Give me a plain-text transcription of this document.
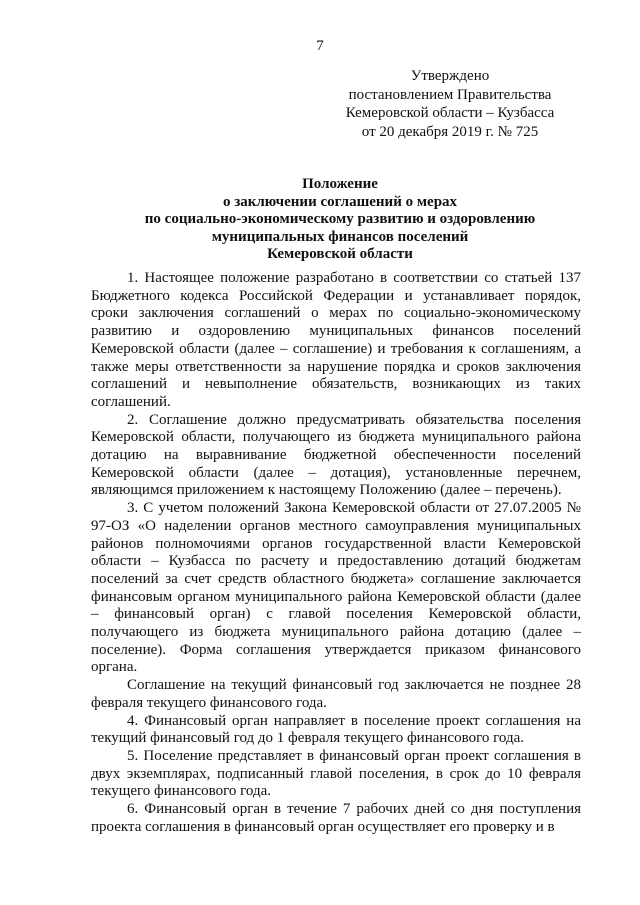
7
Утверждено
постановлением Правительства
Кемеровской области – Кузбасса
от 20 декабря 2019 г. № 725
Положение
о заключении соглашений о мерах
по социально-экономическому развитию и оздоровлению
муниципальных финансов поселений
Кемеровской области

1. Настоящее положение разработано в соответствии со статьей 137 Бюджетного кодекса Российской Федерации и устанавливает порядок, сроки заключения соглашений о мерах по социально-экономическому развитию и оздоровлению муниципальных финансов поселений Кемеровской области (далее – соглашение) и требования к соглашениям, а также меры ответственности за нарушение порядка и сроков заключения соглашений и невыполнение обязательств, возникающих из таких соглашений.

2. Соглашение должно предусматривать обязательства поселения Кемеровской области, получающего из бюджета муниципального района дотацию на выравнивание бюджетной обеспеченности поселений Кемеровской области (далее – дотация), установленные перечнем, являющимся приложением к настоящему Положению (далее – перечень).

3. С учетом положений Закона Кемеровской области от 27.07.2005 № 97-ОЗ «О наделении органов местного самоуправления муниципальных районов полномочиями органов государственной власти Кемеровской области – Кузбасса по расчету и предоставлению дотаций бюджетам поселений за счет средств областного бюджета» соглашение заключается финансовым органом муниципального района Кемеровской области (далее – финансовый орган) с главой поселения Кемеровской области, получающего из бюджета муниципального района дотацию (далее – поселение). Форма соглашения утверждается приказом финансового органа.

Соглашение на текущий финансовый год заключается не позднее 28 февраля текущего финансового года.

4. Финансовый орган направляет в поселение проект соглашения на текущий финансовый год до 1 февраля текущего финансового года.

5. Поселение представляет в финансовый орган проект соглашения в двух экземплярах, подписанный главой поселения, в срок до 10 февраля текущего финансового года.

6. Финансовый орган в течение 7 рабочих дней со дня поступления проекта соглашения в финансовый орган осуществляет его проверку и в
